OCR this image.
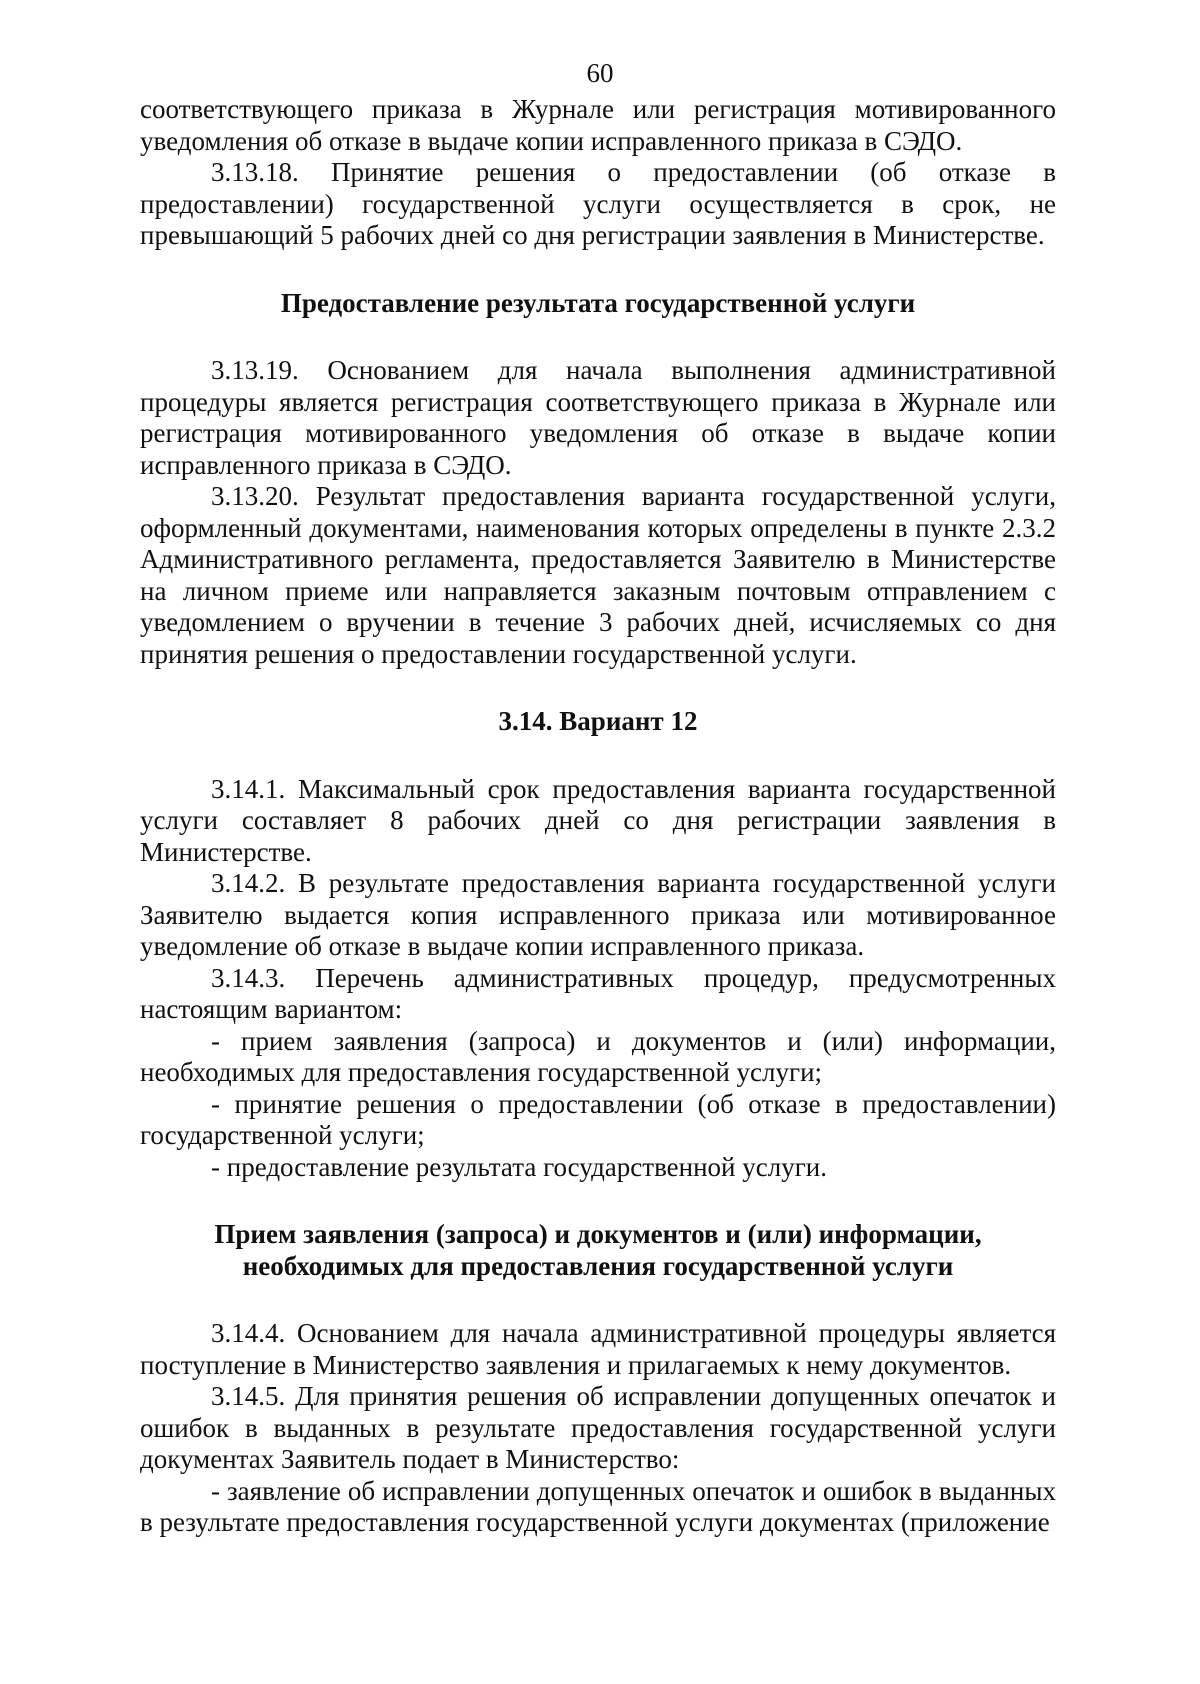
60

соответствующего приказа в Журнале или регистрация мотивированного уведомления об отказе в выдаче копии исправленного приказа в СЭДО.

3.13.18. Принятие решения о предоставлении (об отказе в предоставлении) государственной услуги осуществляется в срок, не превышающий 5 рабочих дней со дня регистрации заявления в Министерстве.

Предоставление результата государственной услуги

3.13.19. Основанием для начала выполнения административной процедуры является регистрация соответствующего приказа в Журнале или регистрация мотивированного уведомления об отказе в выдаче копии исправленного приказа в СЭДО.

3.13.20. Результат предоставления варианта государственной услуги, оформленный документами, наименования которых определены в пункте 2.3.2 Административного регламента, предоставляется Заявителю в Министерстве на личном приеме или направляется заказным почтовым отправлением с уведомлением о вручении в течение 3 рабочих дней, исчисляемых со дня принятия решения о предоставлении государственной услуги.

3.14. Вариант 12

3.14.1. Максимальный срок предоставления варианта государственной услуги составляет 8 рабочих дней со дня регистрации заявления в Министерстве.

3.14.2. В результате предоставления варианта государственной услуги Заявителю выдается копия исправленного приказа или мотивированное уведомление об отказе в выдаче копии исправленного приказа.

3.14.3. Перечень административных процедур, предусмотренных настоящим вариантом:

- прием заявления (запроса) и документов и (или) информации, необходимых для предоставления государственной услуги;

- принятие решения о предоставлении (об отказе в предоставлении) государственной услуги;

- предоставление результата государственной услуги.

Прием заявления (запроса) и документов и (или) информации,

необходимых для предоставления государственной услуги

3.14.4. Основанием для начала административной процедуры является поступление в Министерство заявления и прилагаемых к нему документов.

3.14.5. Для принятия решения об исправлении допущенных опечаток и ошибок в выданных в результате предоставления государственной услуги документах Заявитель подает в Министерство:

- заявление об исправлении допущенных опечаток и ошибок в выданных в результате предоставления государственной услуги документах (приложение
